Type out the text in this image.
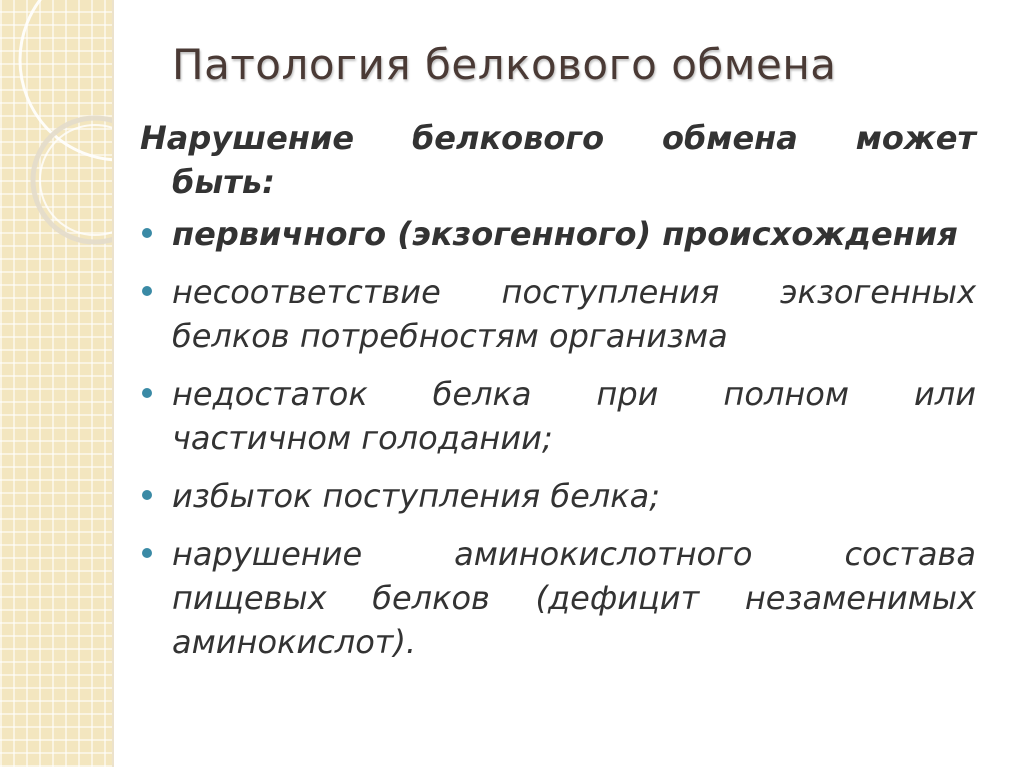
Патология белкового обмена
Нарушение белкового обмена может
быть:
первичного (экзогенного) происхождения
несоответствие поступления экзогенных
белков потребностям организма
недостаток белка при полном или
частичном голодании;
избыток поступления белка;
нарушение аминокислотного состава
пищевых белков (дефицит незаменимых
аминокислот).
